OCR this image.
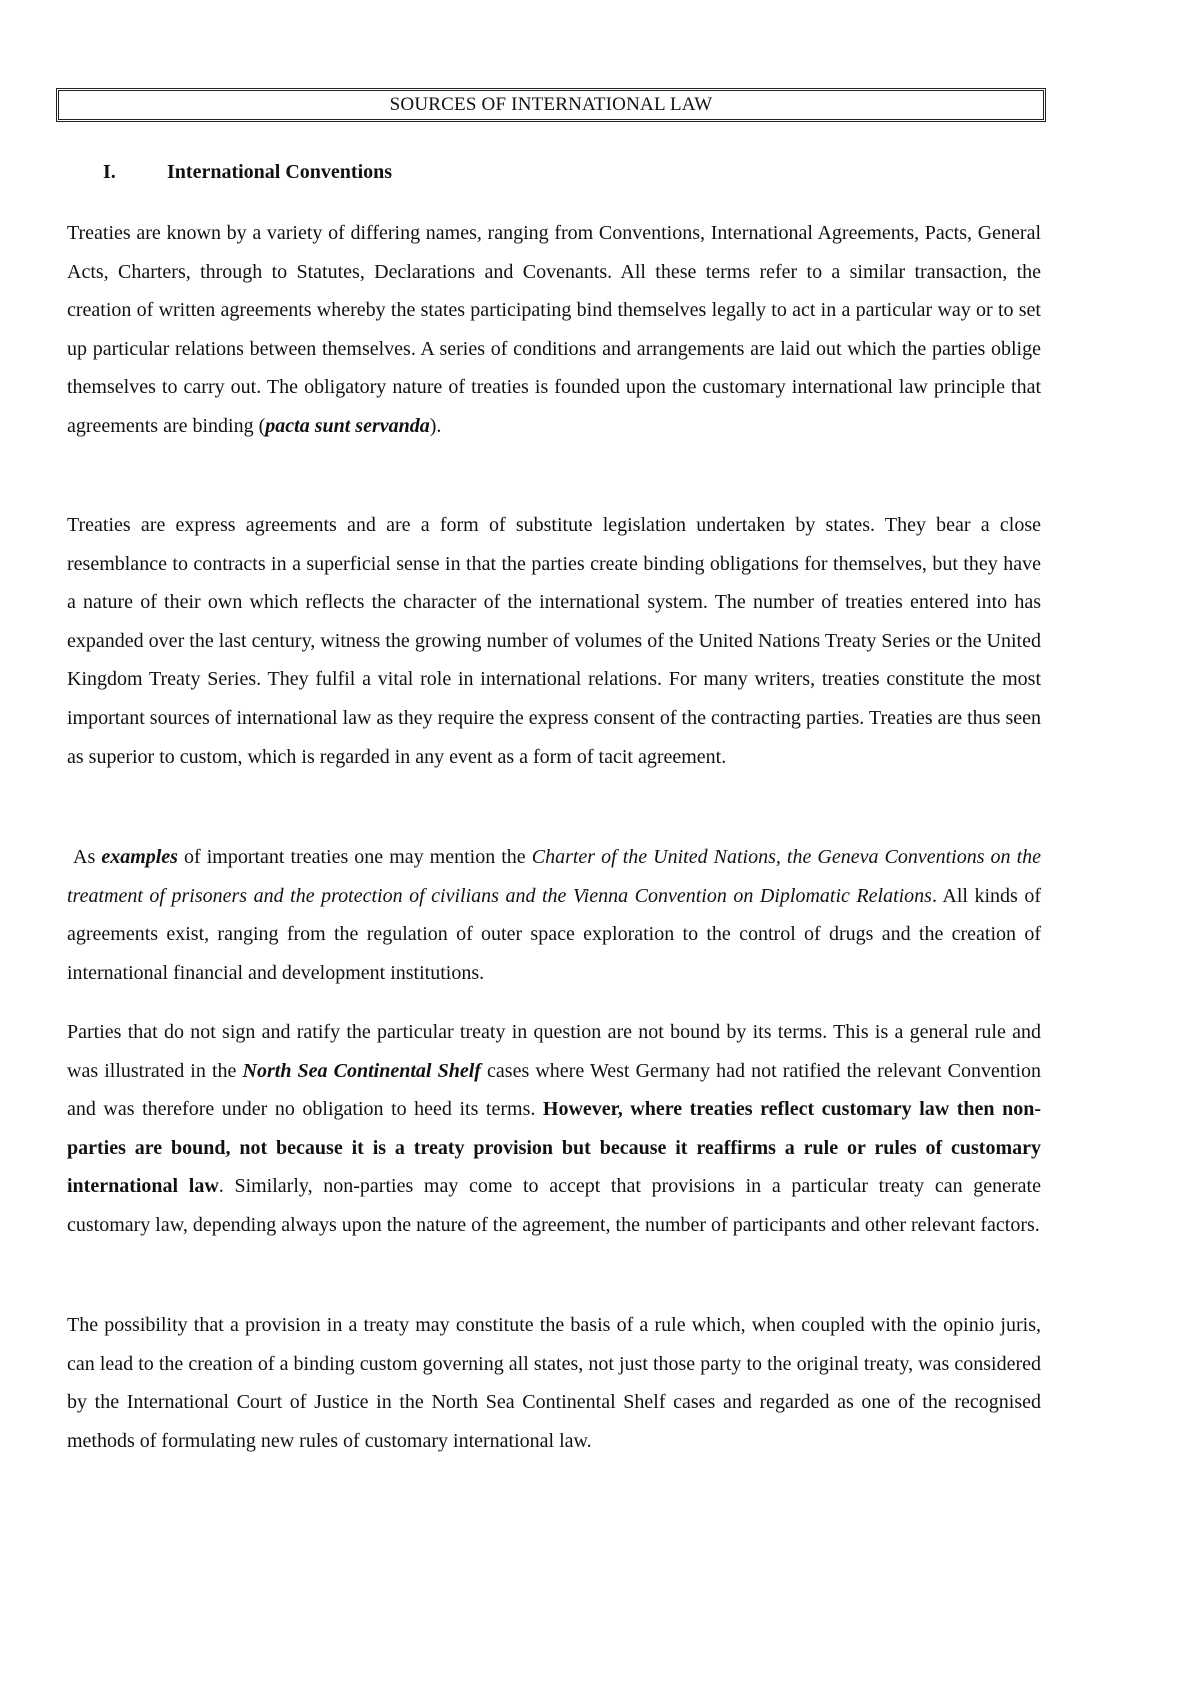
SOURCES OF INTERNATIONAL LAW
I.	International Conventions

Treaties are known by a variety of differing names, ranging from Conventions, International Agreements, Pacts, General Acts, Charters, through to Statutes, Declarations and Covenants. All these terms refer to a similar transaction, the creation of written agreements whereby the states participating bind themselves legally to act in a particular way or to set up particular relations between themselves. A series of conditions and arrangements are laid out which the parties oblige themselves to carry out. The obligatory nature of treaties is founded upon the customary international law principle that agreements are binding (pacta sunt servanda).

Treaties are express agreements and are a form of substitute legislation undertaken by states. They bear a close resemblance to contracts in a superficial sense in that the parties create binding obligations for themselves, but they have a nature of their own which reflects the character of the international system. The number of treaties entered into has expanded over the last century, witness the growing number of volumes of the United Nations Treaty Series or the United Kingdom Treaty Series. They fulfil a vital role in international relations. For many writers, treaties constitute the most important sources of international law as they require the express consent of the contracting parties. Treaties are thus seen as superior to custom, which is regarded in any event as a form of tacit agreement.

As examples of important treaties one may mention the Charter of the United Nations, the Geneva Conventions on the treatment of prisoners and the protection of civilians and the Vienna Convention on Diplomatic Relations. All kinds of agreements exist, ranging from the regulation of outer space exploration to the control of drugs and the creation of international financial and development institutions.

Parties that do not sign and ratify the particular treaty in question are not bound by its terms. This is a general rule and was illustrated in the North Sea Continental Shelf cases where West Germany had not ratified the relevant Convention and was therefore under no obligation to heed its terms. However, where treaties reflect customary law then non-parties are bound, not because it is a treaty provision but because it reaffirms a rule or rules of customary international law. Similarly, non-parties may come to accept that provisions in a particular treaty can generate customary law, depending always upon the nature of the agreement, the number of participants and other relevant factors.

The possibility that a provision in a treaty may constitute the basis of a rule which, when coupled with the opinio juris, can lead to the creation of a binding custom governing all states, not just those party to the original treaty, was considered by the International Court of Justice in the North Sea Continental Shelf cases and regarded as one of the recognised methods of formulating new rules of customary international law.
